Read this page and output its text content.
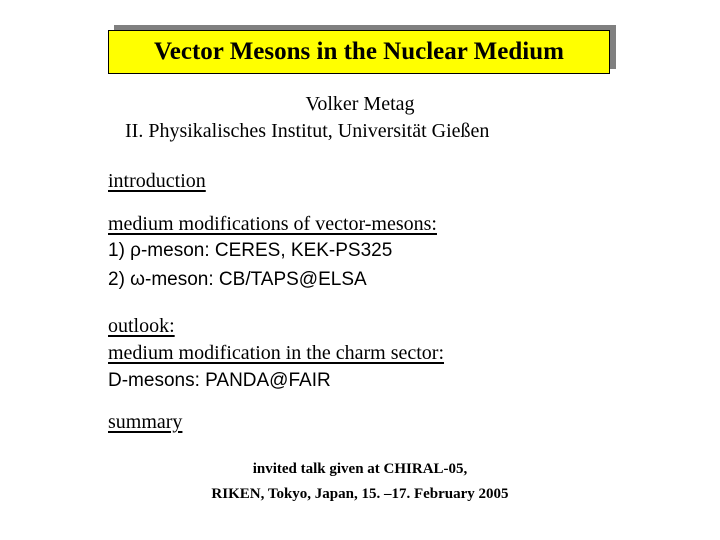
Vector Mesons in the Nuclear Medium
Volker Metag
II. Physikalisches Institut, Universität Gießen
introduction
medium modifications of vector-mesons:
1) ρ-meson: CERES, KEK-PS325
2) ω-meson: CB/TAPS@ELSA
outlook:
medium modification in the charm sector:
D-mesons: PANDA@FAIR
summary
invited talk given at CHIRAL-05,
RIKEN, Tokyo, Japan, 15. –17. February 2005
